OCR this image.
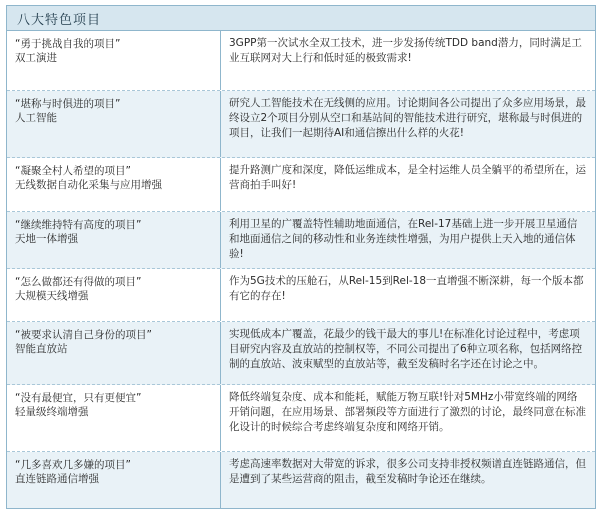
八大特色项目
“勇于挑战自我的项目”
双工演进
3GPP第一次试水全双工技术，进一步发扬传统TDD band潜力，同时满足工业互联网对大上行和低时延的极致需求!
“堪称与时俱进的项目”
人工智能
研究人工智能技术在无线侧的应用。讨论期间各公司提出了众多应用场景，最终设立2个项目分别从空口和基站间的智能技术进行研究，堪称最与时俱进的项目，让我们一起期待AI和通信擦出什么样的火花!
“凝聚全村人希望的项目”
无线数据自动化采集与应用增强
提升路测广度和深度，降低运维成本，是全村运维人员全躺平的希望所在，运营商拍手叫好!
“继续维持特有高度的项目”
天地一体增强
利用卫星的广覆盖特性辅助地面通信，在Rel-17基础上进一步开展卫星通信和地面通信之间的移动性和业务连续性增强，为用户提供上天入地的通信体验!
“怎么做都还有得做的项目”
大规模天线增强
作为5G技术的压舱石，从Rel-15到Rel-18一直增强不断深耕，每一个版本都有它的存在!
“被要求认清自己身份的项目”
智能直放站
实现低成本广覆盖，花最少的钱干最大的事儿!在标准化讨论过程中，考虑项目研究内容及直放站的控制权等，不同公司提出了6种立项名称，包括网络控制的直放站、波束赋型的直放站等，截至发稿时名字还在讨论之中。
“没有最便宜，只有更便宜”
轻量级终端增强
降低终端复杂度、成本和能耗，赋能万物互联!针对5MHz小带宽终端的网络开销问题，在应用场景、部署频段等方面进行了激烈的讨论，最终同意在标准化设计的时候综合考虑终端复杂度和网络开销。
“几多喜欢几多嫌的项目”
直连链路通信增强
考虑高速率数据对大带宽的诉求，很多公司支持非授权频谱直连链路通信，但是遭到了某些运营商的阻击，截至发稿时争论还在继续。
